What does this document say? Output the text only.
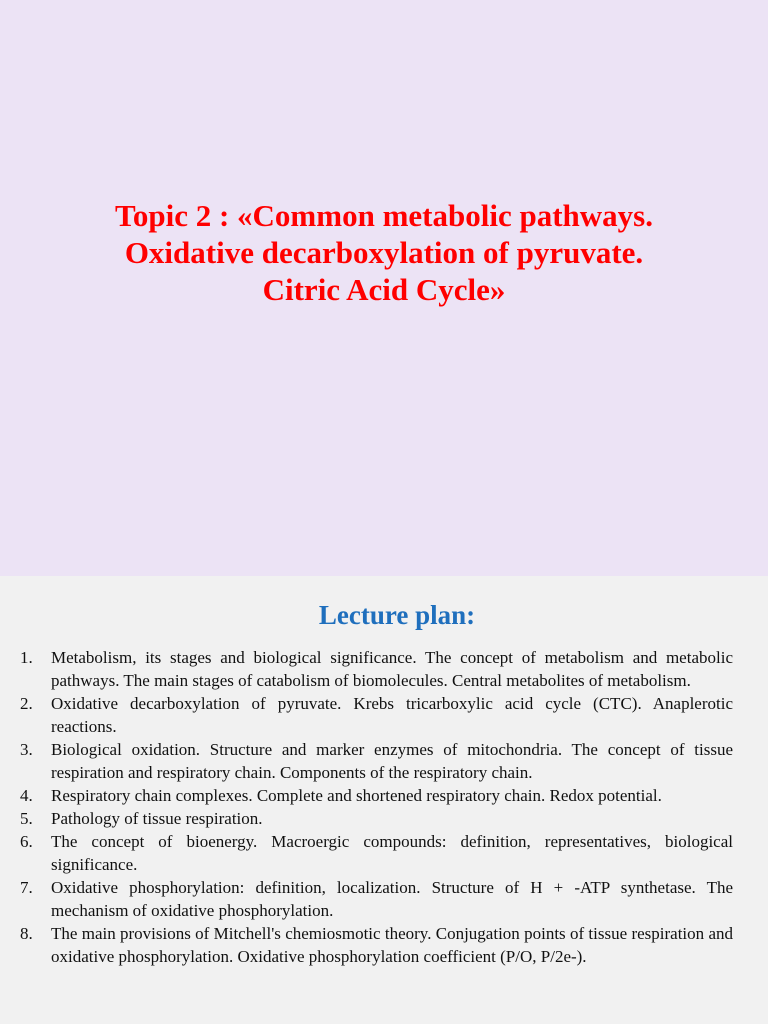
Topic 2 : «Common metabolic pathways.
Oxidative decarboxylation of pyruvate.
Citric Acid Cycle»
Lecture plan:
1. Metabolism, its stages and biological significance. The concept of metabolism and metabolic pathways. The main stages of catabolism of biomolecules. Central metabolites of metabolism.
2. Oxidative decarboxylation of pyruvate. Krebs tricarboxylic acid cycle (CTC). Anaplerotic reactions.
3. Biological oxidation. Structure and marker enzymes of mitochondria. The concept of tissue respiration and respiratory chain. Components of the respiratory chain.
4. Respiratory chain complexes. Complete and shortened respiratory chain. Redox potential.
5. Pathology of tissue respiration.
6. The concept of bioenergy. Macroergic compounds: definition, representatives, biological significance.
7. Oxidative phosphorylation: definition, localization. Structure of H + -ATP synthetase. The mechanism of oxidative phosphorylation.
8. The main provisions of Mitchell's chemiosmotic theory. Conjugation points of tissue respiration and oxidative phosphorylation. Oxidative phosphorylation coefficient (P/O, P/2e-).
